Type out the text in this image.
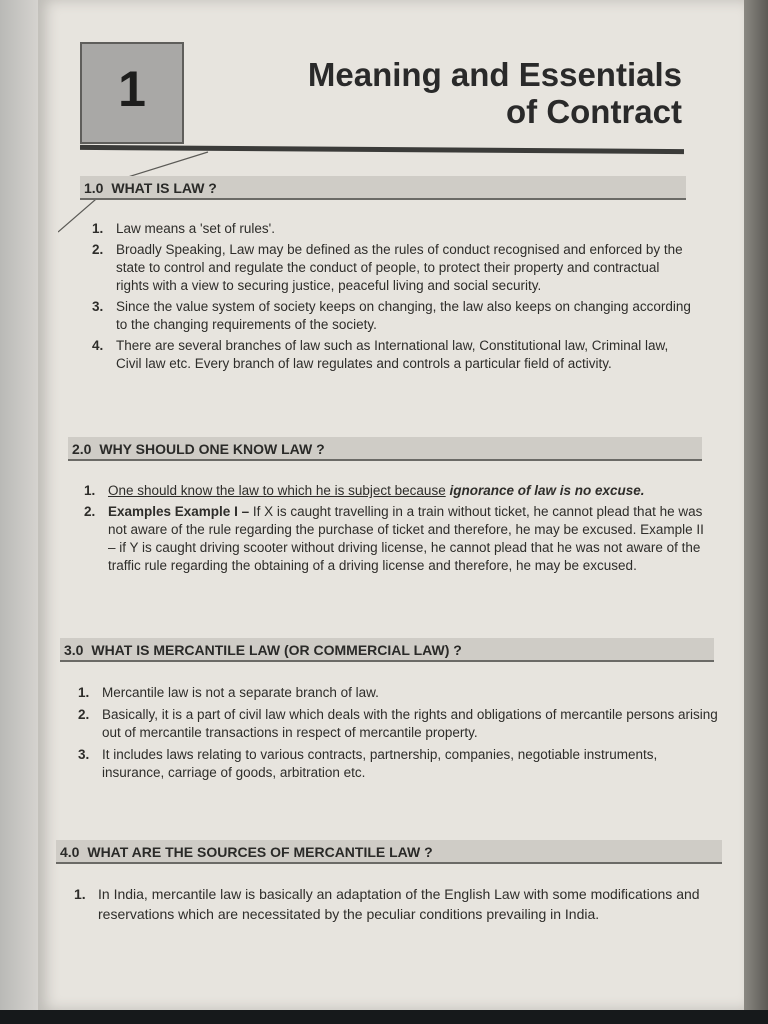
1	Meaning and Essentials
of Contract
1.0 WHAT IS LAW ?
1. Law means a 'set of rules'.
2. Broadly Speaking, Law may be defined as the rules of conduct recognised and enforced by the state to control and regulate the conduct of people, to protect their property and contractual rights with a view to securing justice, peaceful living and social security.
3. Since the value system of society keeps on changing, the law also keeps on changing according to the changing requirements of the society.
4. There are several branches of law such as International law, Constitutional law, Criminal law, Civil law etc. Every branch of law regulates and controls a particular field of activity.
2.0 WHY SHOULD ONE KNOW LAW ?
1. One should know the law to which he is subject because ignorance of law is no excuse.
2. Examples Example I – If X is caught travelling in a train without ticket, he cannot plead that he was not aware of the rule regarding the purchase of ticket and therefore, he may be excused. Example II – if Y is caught driving scooter without driving license, he cannot plead that he was not aware of the traffic rule regarding the obtaining of a driving license and therefore, he may be excused.
3.0 WHAT IS MERCANTILE LAW (OR COMMERCIAL LAW) ?
1. Mercantile law is not a separate branch of law.
2. Basically, it is a part of civil law which deals with the rights and obligations of mercantile persons arising out of mercantile transactions in respect of mercantile property.
3. It includes laws relating to various contracts, partnership, companies, negotiable instruments, insurance, carriage of goods, arbitration etc.
4.0 WHAT ARE THE SOURCES OF MERCANTILE LAW ?
1. In India, mercantile law is basically an adaptation of the English Law with some modifications and reservations which are necessitated by the peculiar conditions prevailing in India.
